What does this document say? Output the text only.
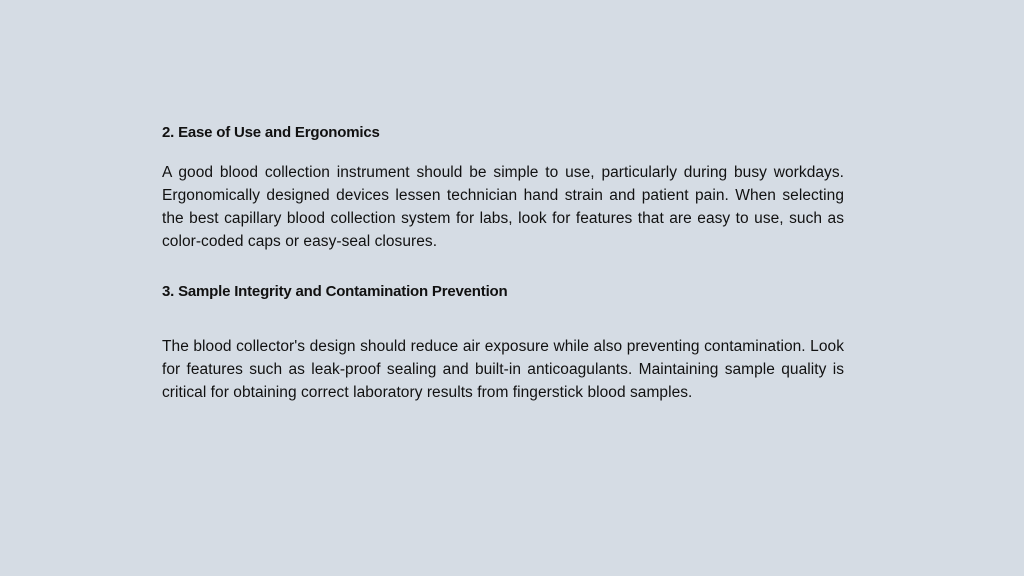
2. Ease of Use and Ergonomics

A good blood collection instrument should be simple to use, particularly during busy workdays. Ergonomically designed devices lessen technician hand strain and patient pain. When selecting the best capillary blood collection system for labs, look for features that are easy to use, such as color-coded caps or easy-seal closures.

3. Sample Integrity and Contamination Prevention

The blood collector's design should reduce air exposure while also preventing contamination. Look for features such as leak-proof sealing and built-in anticoagulants. Maintaining sample quality is critical for obtaining correct laboratory results from fingerstick blood samples.
